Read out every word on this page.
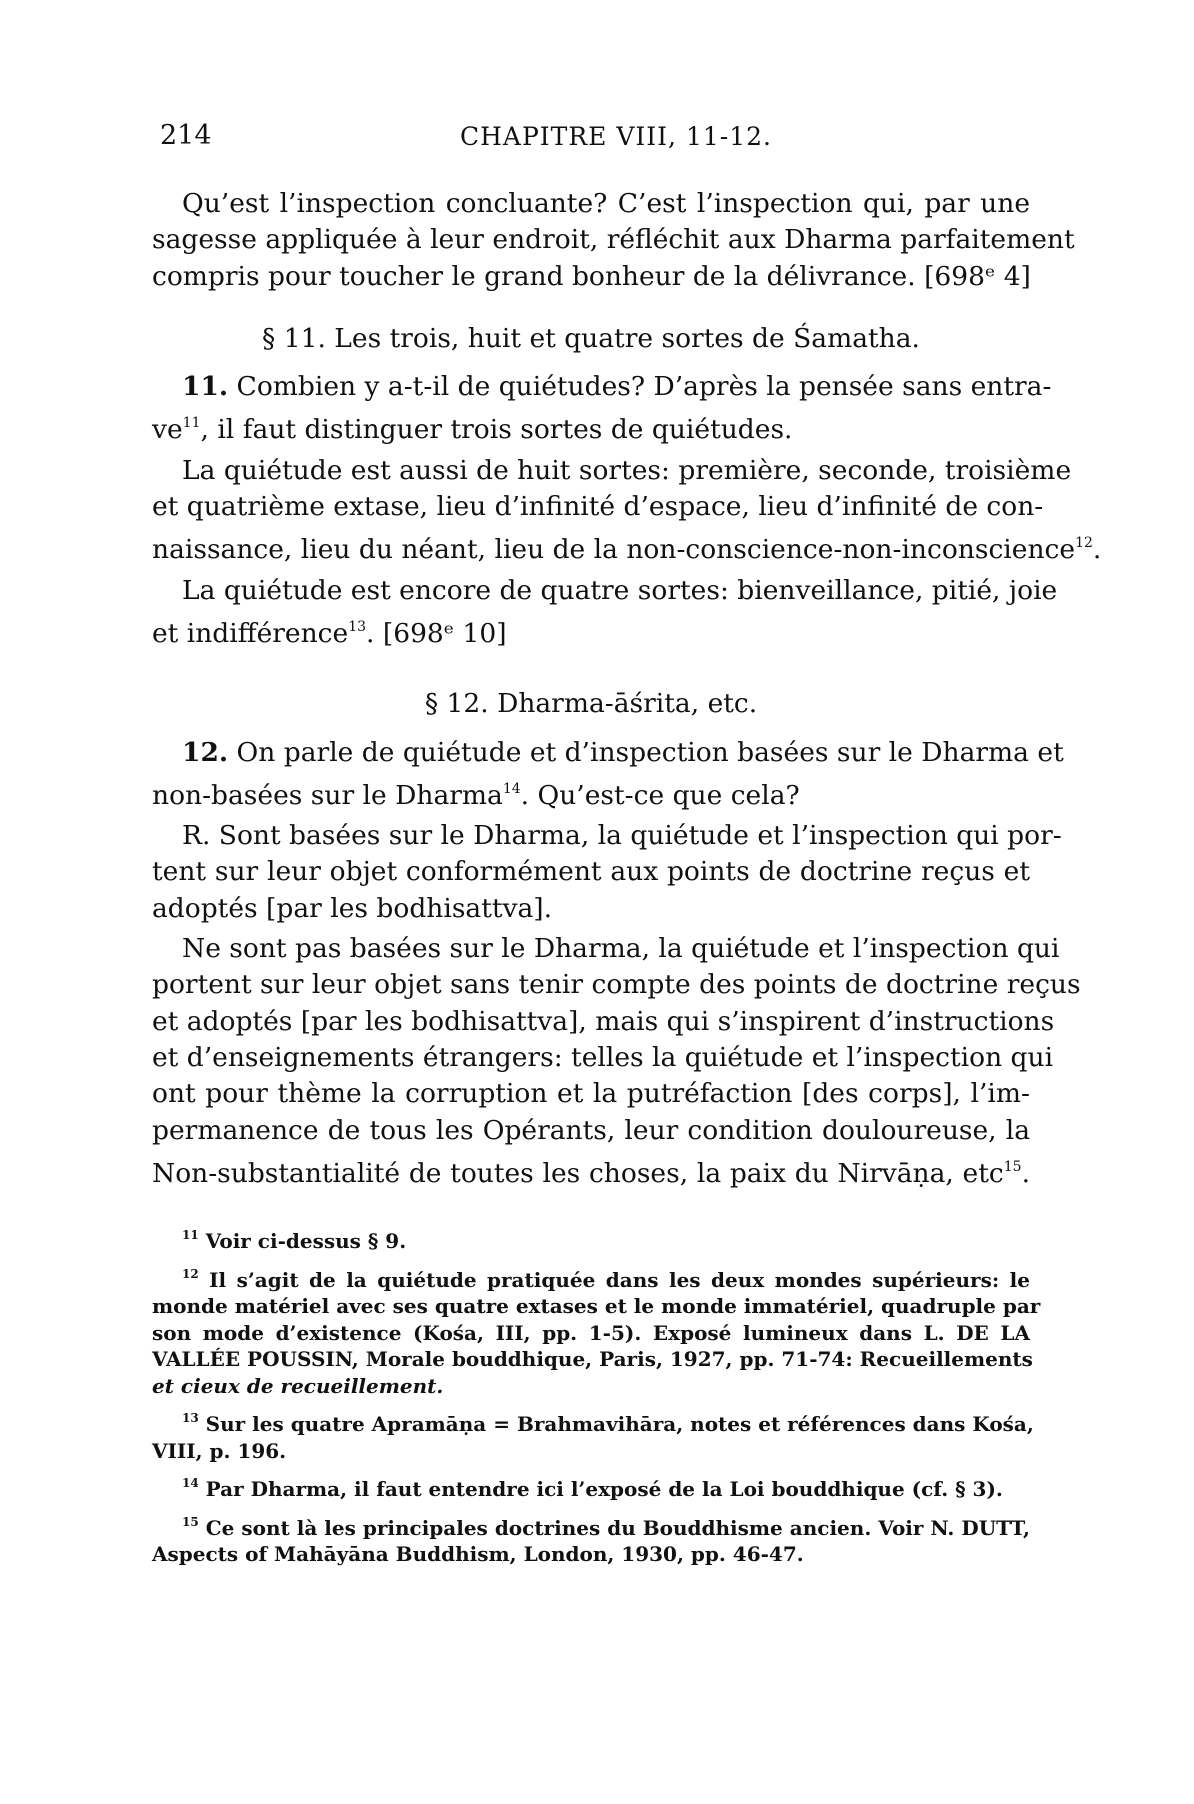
214	CHAPITRE VIII, 11-12.
Qu’est l’inspection concluante? C’est l’inspection qui, par une
sagesse appliquée à leur endroit, réfléchit aux Dharma parfaitement
compris pour toucher le grand bonheur de la délivrance. [698ᵉ 4]
§ 11. Les trois, huit et quatre sortes de Śamatha.
11. Combien y a-t-il de quiétudes? D’après la pensée sans entra-
$ve^{11}$, il faut distinguer trois sortes de quiétudes.
La quiétude est aussi de huit sortes: première, seconde, troisième
et quatrième extase, lieu d’infinité d’espace, lieu d’infinité de con-
naissance, lieu du néant, lieu de la non-conscience-non-inconscience$^{12}$.
La quiétude est encore de quatre sortes: bienveillance, pitié, joie
et indifférence$^{13}$. [698ᵉ 10]
§ 12. Dharma-āśrita, etc.
12. On parle de quiétude et d’inspection basées sur le Dharma et
non-basées sur le Dharma$^{14}$. Qu’est-ce que cela?
R. Sont basées sur le Dharma, la quiétude et l’inspection qui por-
tent sur leur objet conformément aux points de doctrine reçus et
adoptés [par les bodhisattva].
Ne sont pas basées sur le Dharma, la quiétude et l’inspection qui
portent sur leur objet sans tenir compte des points de doctrine reçus
et adoptés [par les bodhisattva], mais qui s’inspirent d’instructions
et d’enseignements étrangers: telles la quiétude et l’inspection qui
ont pour thème la corruption et la putréfaction [des corps], l’im-
permanence de tous les Opérants, leur condition douloureuse, la
Non-substantialité de toutes les choses, la paix du Nirvāṇa, etc$^{15}$.
$^{11}$ Voir ci-dessus § 9.
$^{12}$ Il s’agit de la quiétude pratiquée dans les deux mondes supérieurs: le
monde matériel avec ses quatre extases et le monde immatériel, quadruple par
son mode d’existence (Kośa, III, pp. 1-5). Exposé lumineux dans L. DE LA
VALLÉE POUSSIN, Morale bouddhique, Paris, 1927, pp. 71-74: Recueillements
et cieux de recueillement.
$^{13}$ Sur les quatre Apramāṇa = Brahmavihāra, notes et références dans Kośa,
VIII, p. 196.
$^{14}$ Par Dharma, il faut entendre ici l’exposé de la Loi bouddhique (cf. § 3).
$^{15}$ Ce sont là les principales doctrines du Bouddhisme ancien. Voir N. DUTT,
Aspects of Mahāyāna Buddhism, London, 1930, pp. 46-47.
